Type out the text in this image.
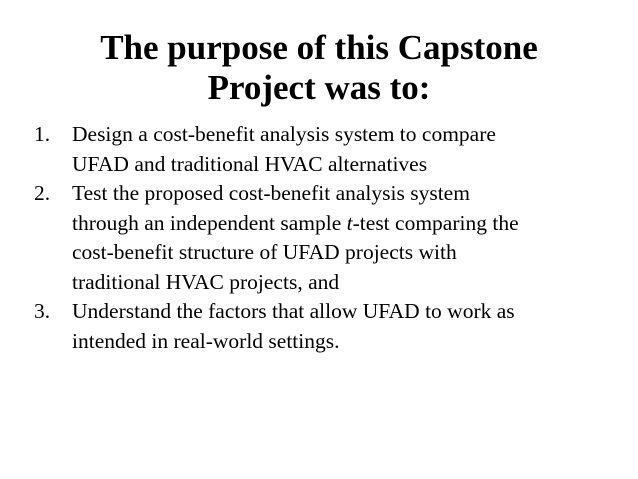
The purpose of this Capstone
Project was to:
1. Design a cost-benefit analysis system to compare
UFAD and traditional HVAC alternatives
2. Test the proposed cost-benefit analysis system
through an independent sample t-test comparing the
cost-benefit structure of UFAD projects with
traditional HVAC projects, and
3. Understand the factors that allow UFAD to work as
intended in real-world settings.
